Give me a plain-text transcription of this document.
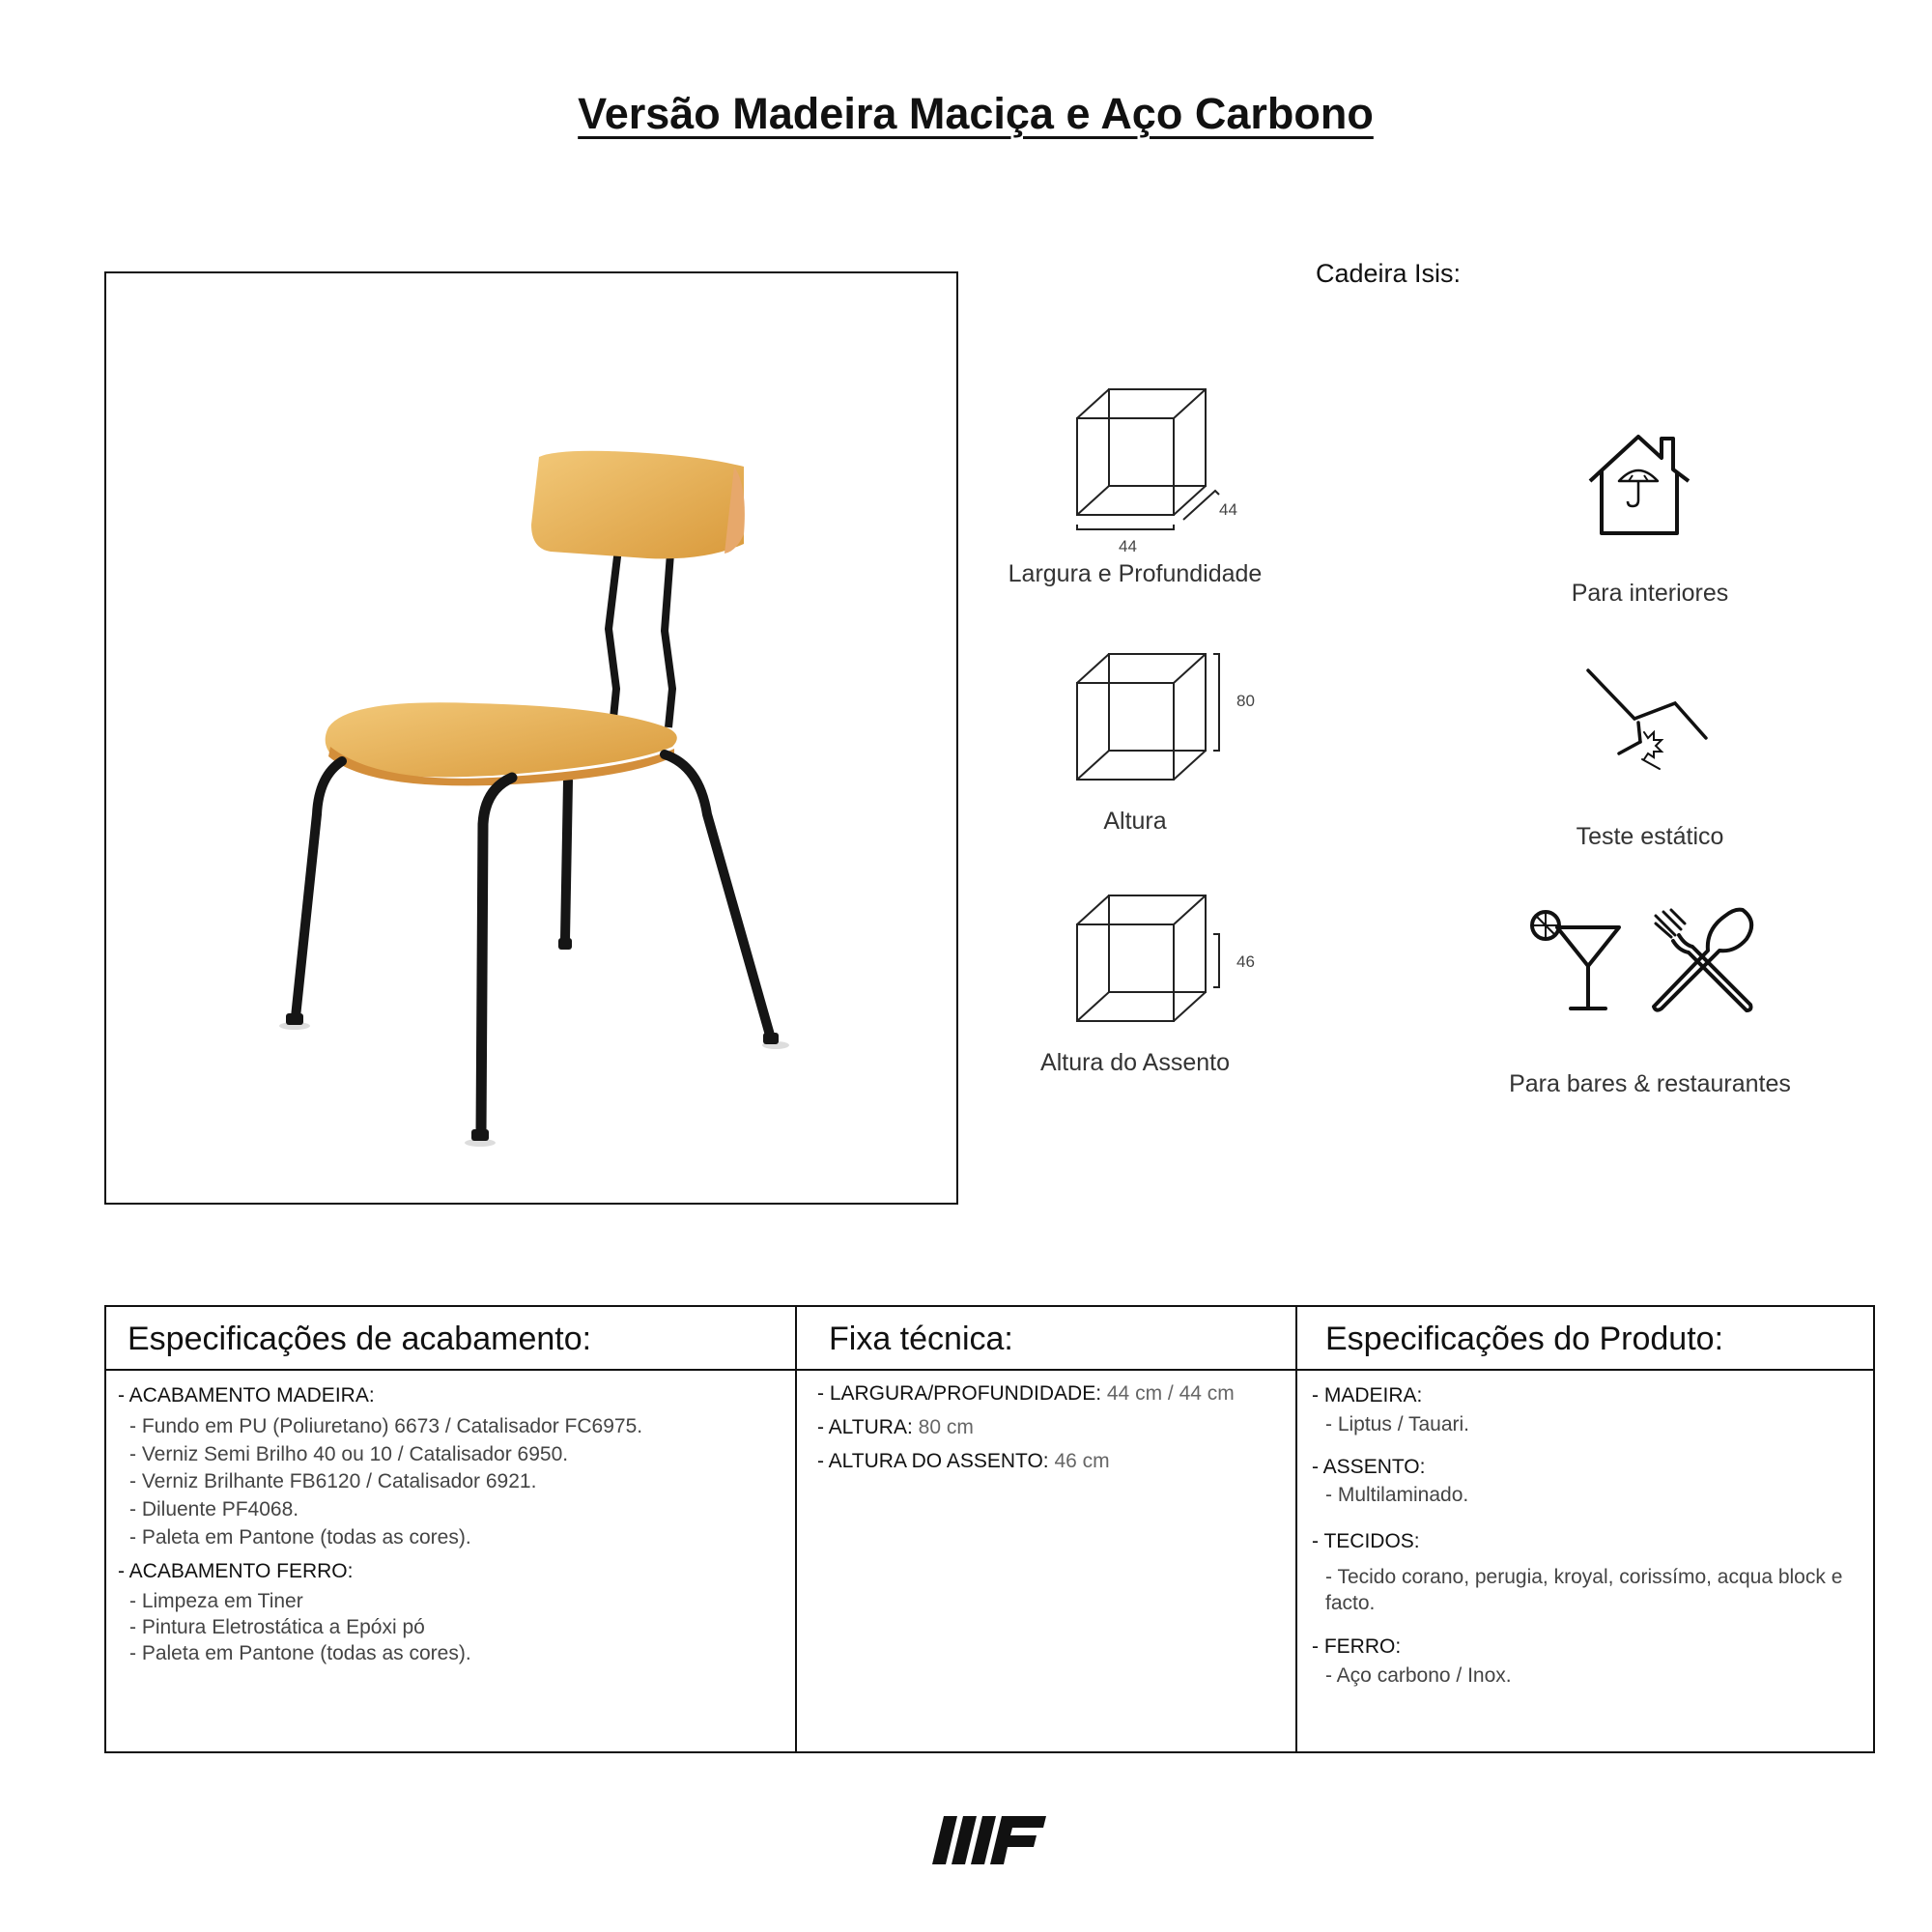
Versão Madeira Maciça e Aço Carbono
Cadeira Isis:
44
44
Largura e Profundidade
80
Altura
46
Altura do Assento
Para interiores
Teste estático
Para bares & restaurantes
Especificações de acabamento:	Fixa técnica:	Especificações do Produto:
- ACABAMENTO MADEIRA:
- Fundo em PU (Poliuretano) 6673 / Catalisador FC6975.
- Verniz Semi Brilho 40 ou 10 / Catalisador 6950.
- Verniz Brilhante FB6120 / Catalisador 6921.
- Diluente PF4068.
- Paleta em Pantone (todas as cores).
- ACABAMENTO FERRO:
- Limpeza em Tiner
- Pintura Eletrostática a Epóxi pó
- Paleta em Pantone (todas as cores).
- LARGURA/PROFUNDIDADE: 44 cm / 44 cm
- ALTURA: 80 cm
- ALTURA DO ASSENTO: 46 cm
- MADEIRA:
- Liptus / Tauari.
- ASSENTO:
- Multilaminado.
- TECIDOS:
- Tecido corano, perugia, kroyal, corissímo, acqua block e facto.
- FERRO:
- Aço carbono / Inox.
